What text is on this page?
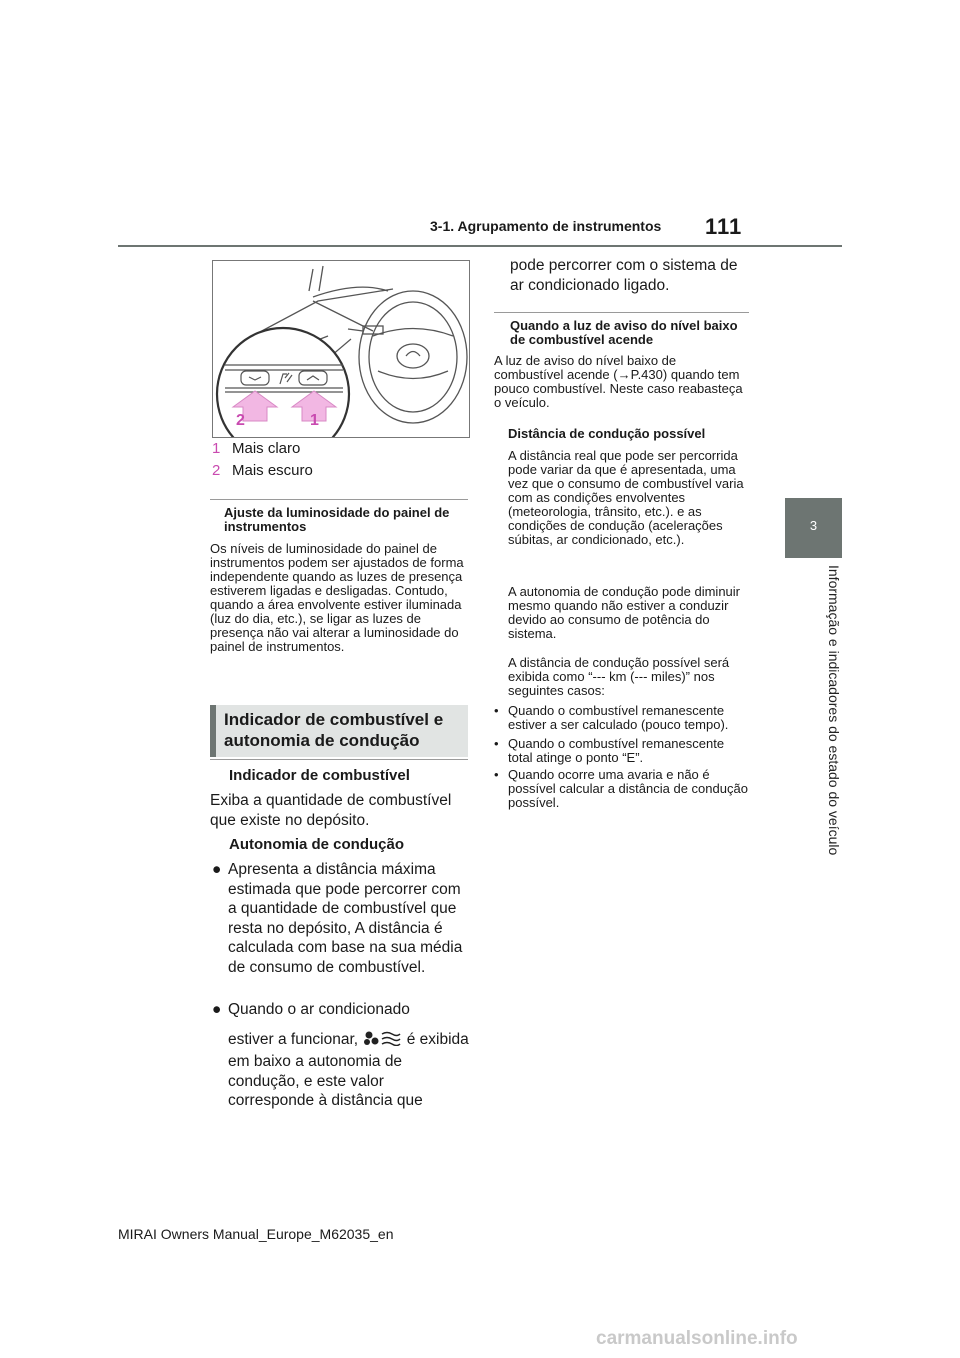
3-1. Agrupamento de instrumentos 111
3
Informação e indicadores do estado do veículo
2	1
1 Mais claro
2 Mais escuro
Ajuste da luminosidade do painel de instrumentos
Os níveis de luminosidade do painel de instrumentos podem ser ajustados de forma independente quando as luzes de presença estiverem ligadas e desligadas. Contudo, quando a área envolvente estiver iluminada (luz do dia, etc.), se ligar as luzes de presença não vai alterar a luminosidade do painel de instrumentos.
Indicador de combustível e autonomia de condução
Indicador de combustível
Exiba a quantidade de combustível que existe no depósito.
Autonomia de condução
● Apresenta a distância máxima estimada que pode percorrer com a quantidade de combustível que resta no depósito, A distância é calculada com base na sua média de consumo de combustível.
● Quando o ar condicionado
estiver a funcionar,	é exibida
em baixo a autonomia de condução, e este valor corresponde à distância que
pode percorrer com o sistema de ar condicionado ligado.
Quando a luz de aviso do nível baixo de combustível acende
A luz de aviso do nível baixo de combustível acende (→P.430) quando tem pouco combustível. Neste caso reabasteça o veículo.
Distância de condução possível
A distância real que pode ser percorrida pode variar da que é apresentada, uma vez que o consumo de combustível varia com as condições envolventes (meteorologia, trânsito, etc.). e as condições de condução (acelerações súbitas, ar condicionado, etc.).
A autonomia de condução pode diminuir mesmo quando não estiver a conduzir devido ao consumo de potência do sistema.
A distância de condução possível será exibida como “--- km (--- miles)” nos seguintes casos:
• Quando o combustível remanescente estiver a ser calculado (pouco tempo).
• Quando o combustível remanescente total atinge o ponto “E”.
• Quando ocorre uma avaria e não é possível calcular a distância de condução possível.
MIRAI Owners Manual_Europe_M62035_en
carmanualsonline.info
